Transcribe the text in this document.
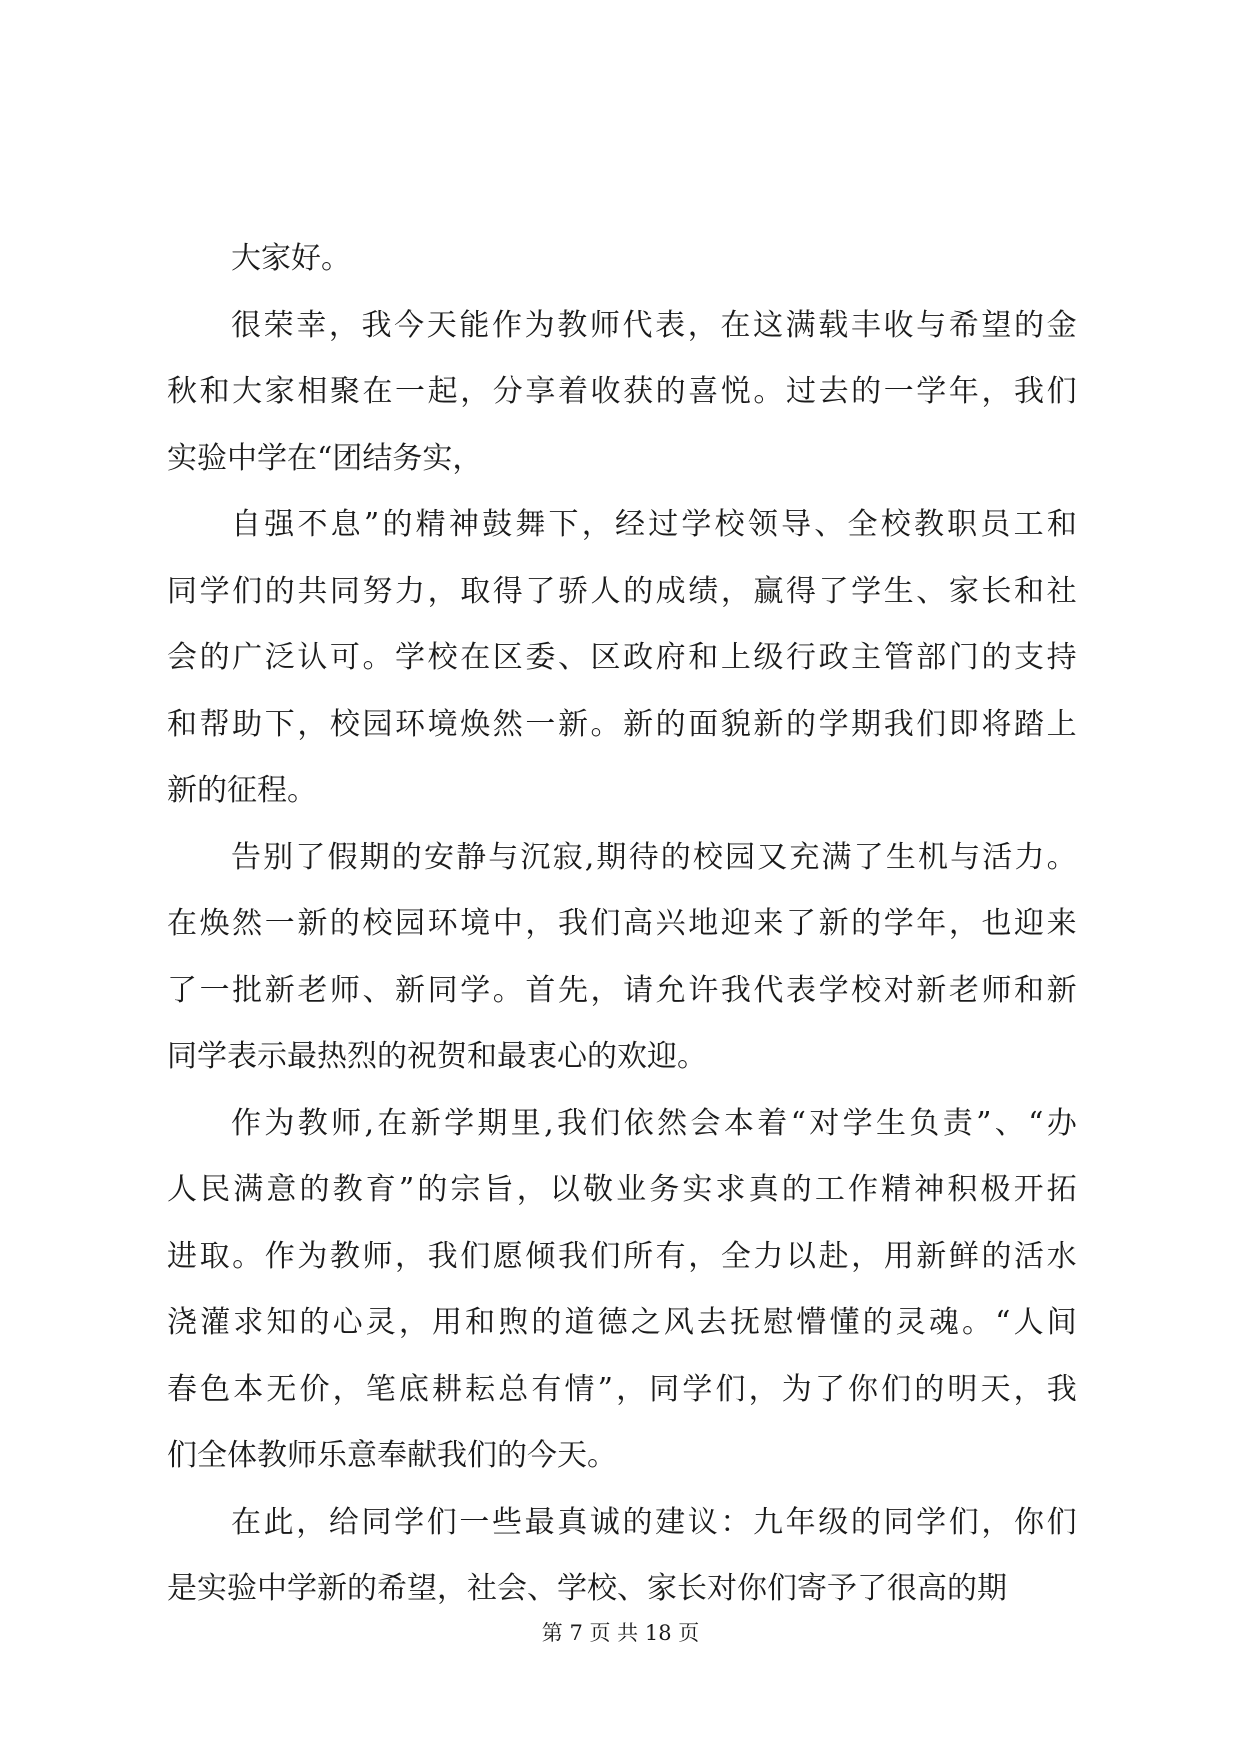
大家好。
很 荣 幸 ， 我 今 天 能 作 为 教 师 代 表 ， 在 这 满 载 丰 收 与 希 望 的 金
秋 和 大 家 相 聚 在 一 起 ， 分 享 着 收 获 的 喜 悦 。 过 去 的 一 学 年 ， 我 们
实验中学在“团结务实，
自 强 不 息 ” 的 精 神 鼓 舞 下 ， 经 过 学 校 领 导 、 全 校 教 职 员 工 和
同 学 们 的 共 同 努 力 ， 取 得 了 骄 人 的 成 绩 ， 赢 得 了 学 生 、 家 长 和 社
会 的 广 泛 认 可 。 学 校 在 区 委 、 区 政 府 和 上 级 行 政 主 管 部 门 的 支 持
和 帮 助 下 ， 校 园 环 境 焕 然 一 新 。 新 的 面 貌 新 的 学 期 我 们 即 将 踏 上
新的征程。
告 别 了 假 期 的 安 静 与 沉 寂 , 期 待 的 校 园 又 充 满 了 生 机 与 活 力 。
在 焕 然 一 新 的 校 园 环 境 中 ， 我 们 高 兴 地 迎 来 了 新 的 学 年 ， 也 迎 来
了 一 批 新 老 师 、 新 同 学 。 首 先 ， 请 允 许 我 代 表 学 校 对 新 老 师 和 新
同学表示最热烈的祝贺和最衷心的欢迎。
作 为 教 师 , 在 新 学 期 里 , 我 们 依 然 会 本 着 “ 对 学 生 负 责 ” 、 “ 办
人 民 满 意 的 教 育 ” 的 宗 旨 ， 以 敬 业 务 实 求 真 的 工 作 精 神 积 极 开 拓
进 取 。 作 为 教 师 ， 我 们 愿 倾 我 们 所 有 ， 全 力 以 赴 ， 用 新 鲜 的 活 水
浇 灌 求 知 的 心 灵 ， 用 和 煦 的 道 德 之 风 去 抚 慰 懵 懂 的 灵 魂 。 “ 人 间
春 色 本 无 价 ， 笔 底 耕 耘 总 有 情 ” ， 同 学 们 ， 为 了 你 们 的 明 天 ， 我
们全体教师乐意奉献我们的今天。
在 此 ， 给 同 学 们 一 些 最 真 诚 的 建 议 ： 九 年 级 的 同 学 们 ， 你 们
是实验中学新的希望，社会、学校、家长对你们寄予了很高的期
第 7 页 共 18 页
